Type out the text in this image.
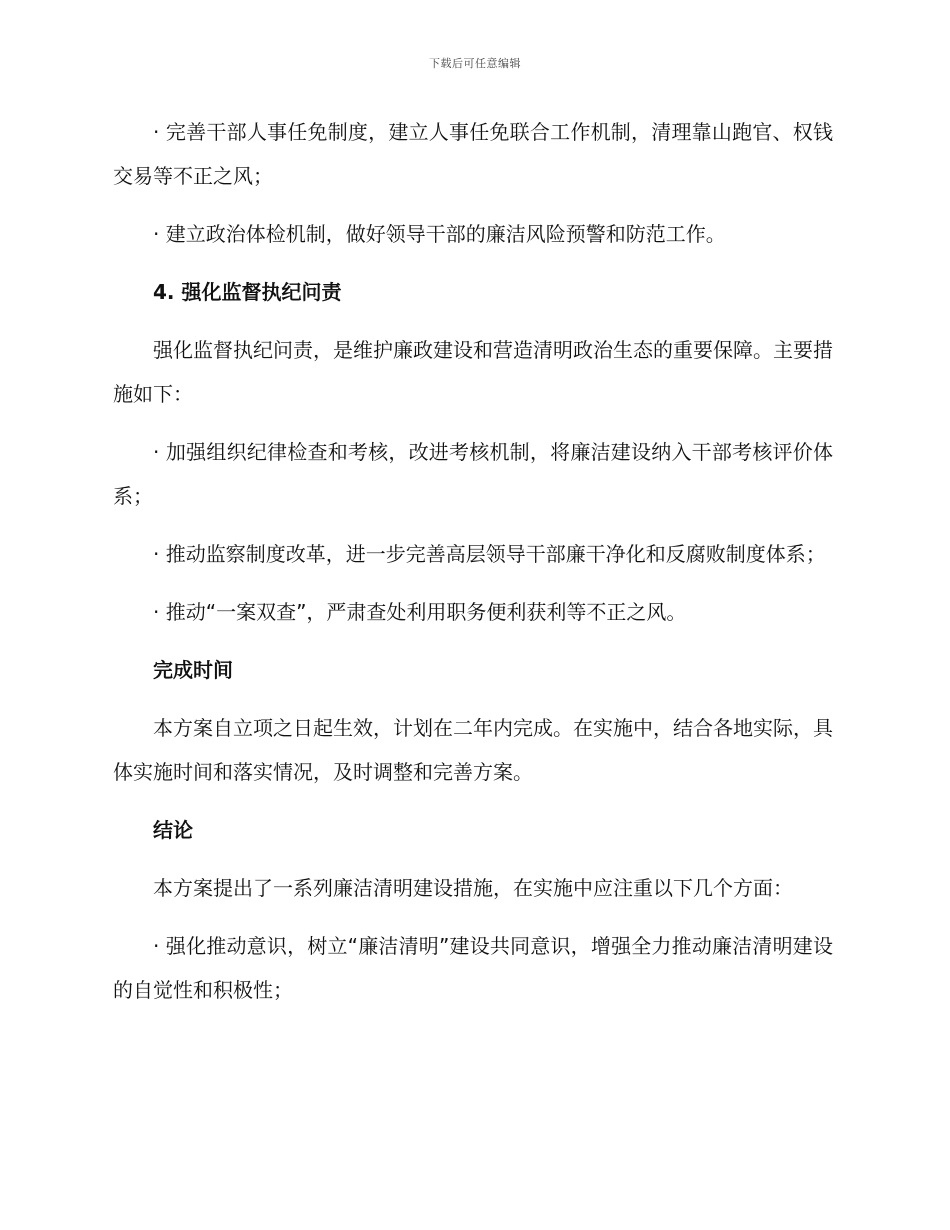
下载后可任意编辑

· 完善干部人事任免制度，建立人事任免联合工作机制，清理靠山跑官、权钱交易等不正之风；

· 建立政治体检机制，做好领导干部的廉洁风险预警和防范工作。

4. 强化监督执纪问责

强化监督执纪问责，是维护廉政建设和营造清明政治生态的重要保障。主要措施如下：

· 加强组织纪律检查和考核，改进考核机制，将廉洁建设纳入干部考核评价体系；

· 推动监察制度改革，进一步完善高层领导干部廉干净化和反腐败制度体系；

· 推动“一案双查”，严肃查处利用职务便利获利等不正之风。

完成时间

本方案自立项之日起生效，计划在二年内完成。在实施中，结合各地实际，具体实施时间和落实情况，及时调整和完善方案。

结论

本方案提出了一系列廉洁清明建设措施，在实施中应注重以下几个方面：

· 强化推动意识，树立“廉洁清明”建设共同意识，增强全力推动廉洁清明建设的自觉性和积极性；
